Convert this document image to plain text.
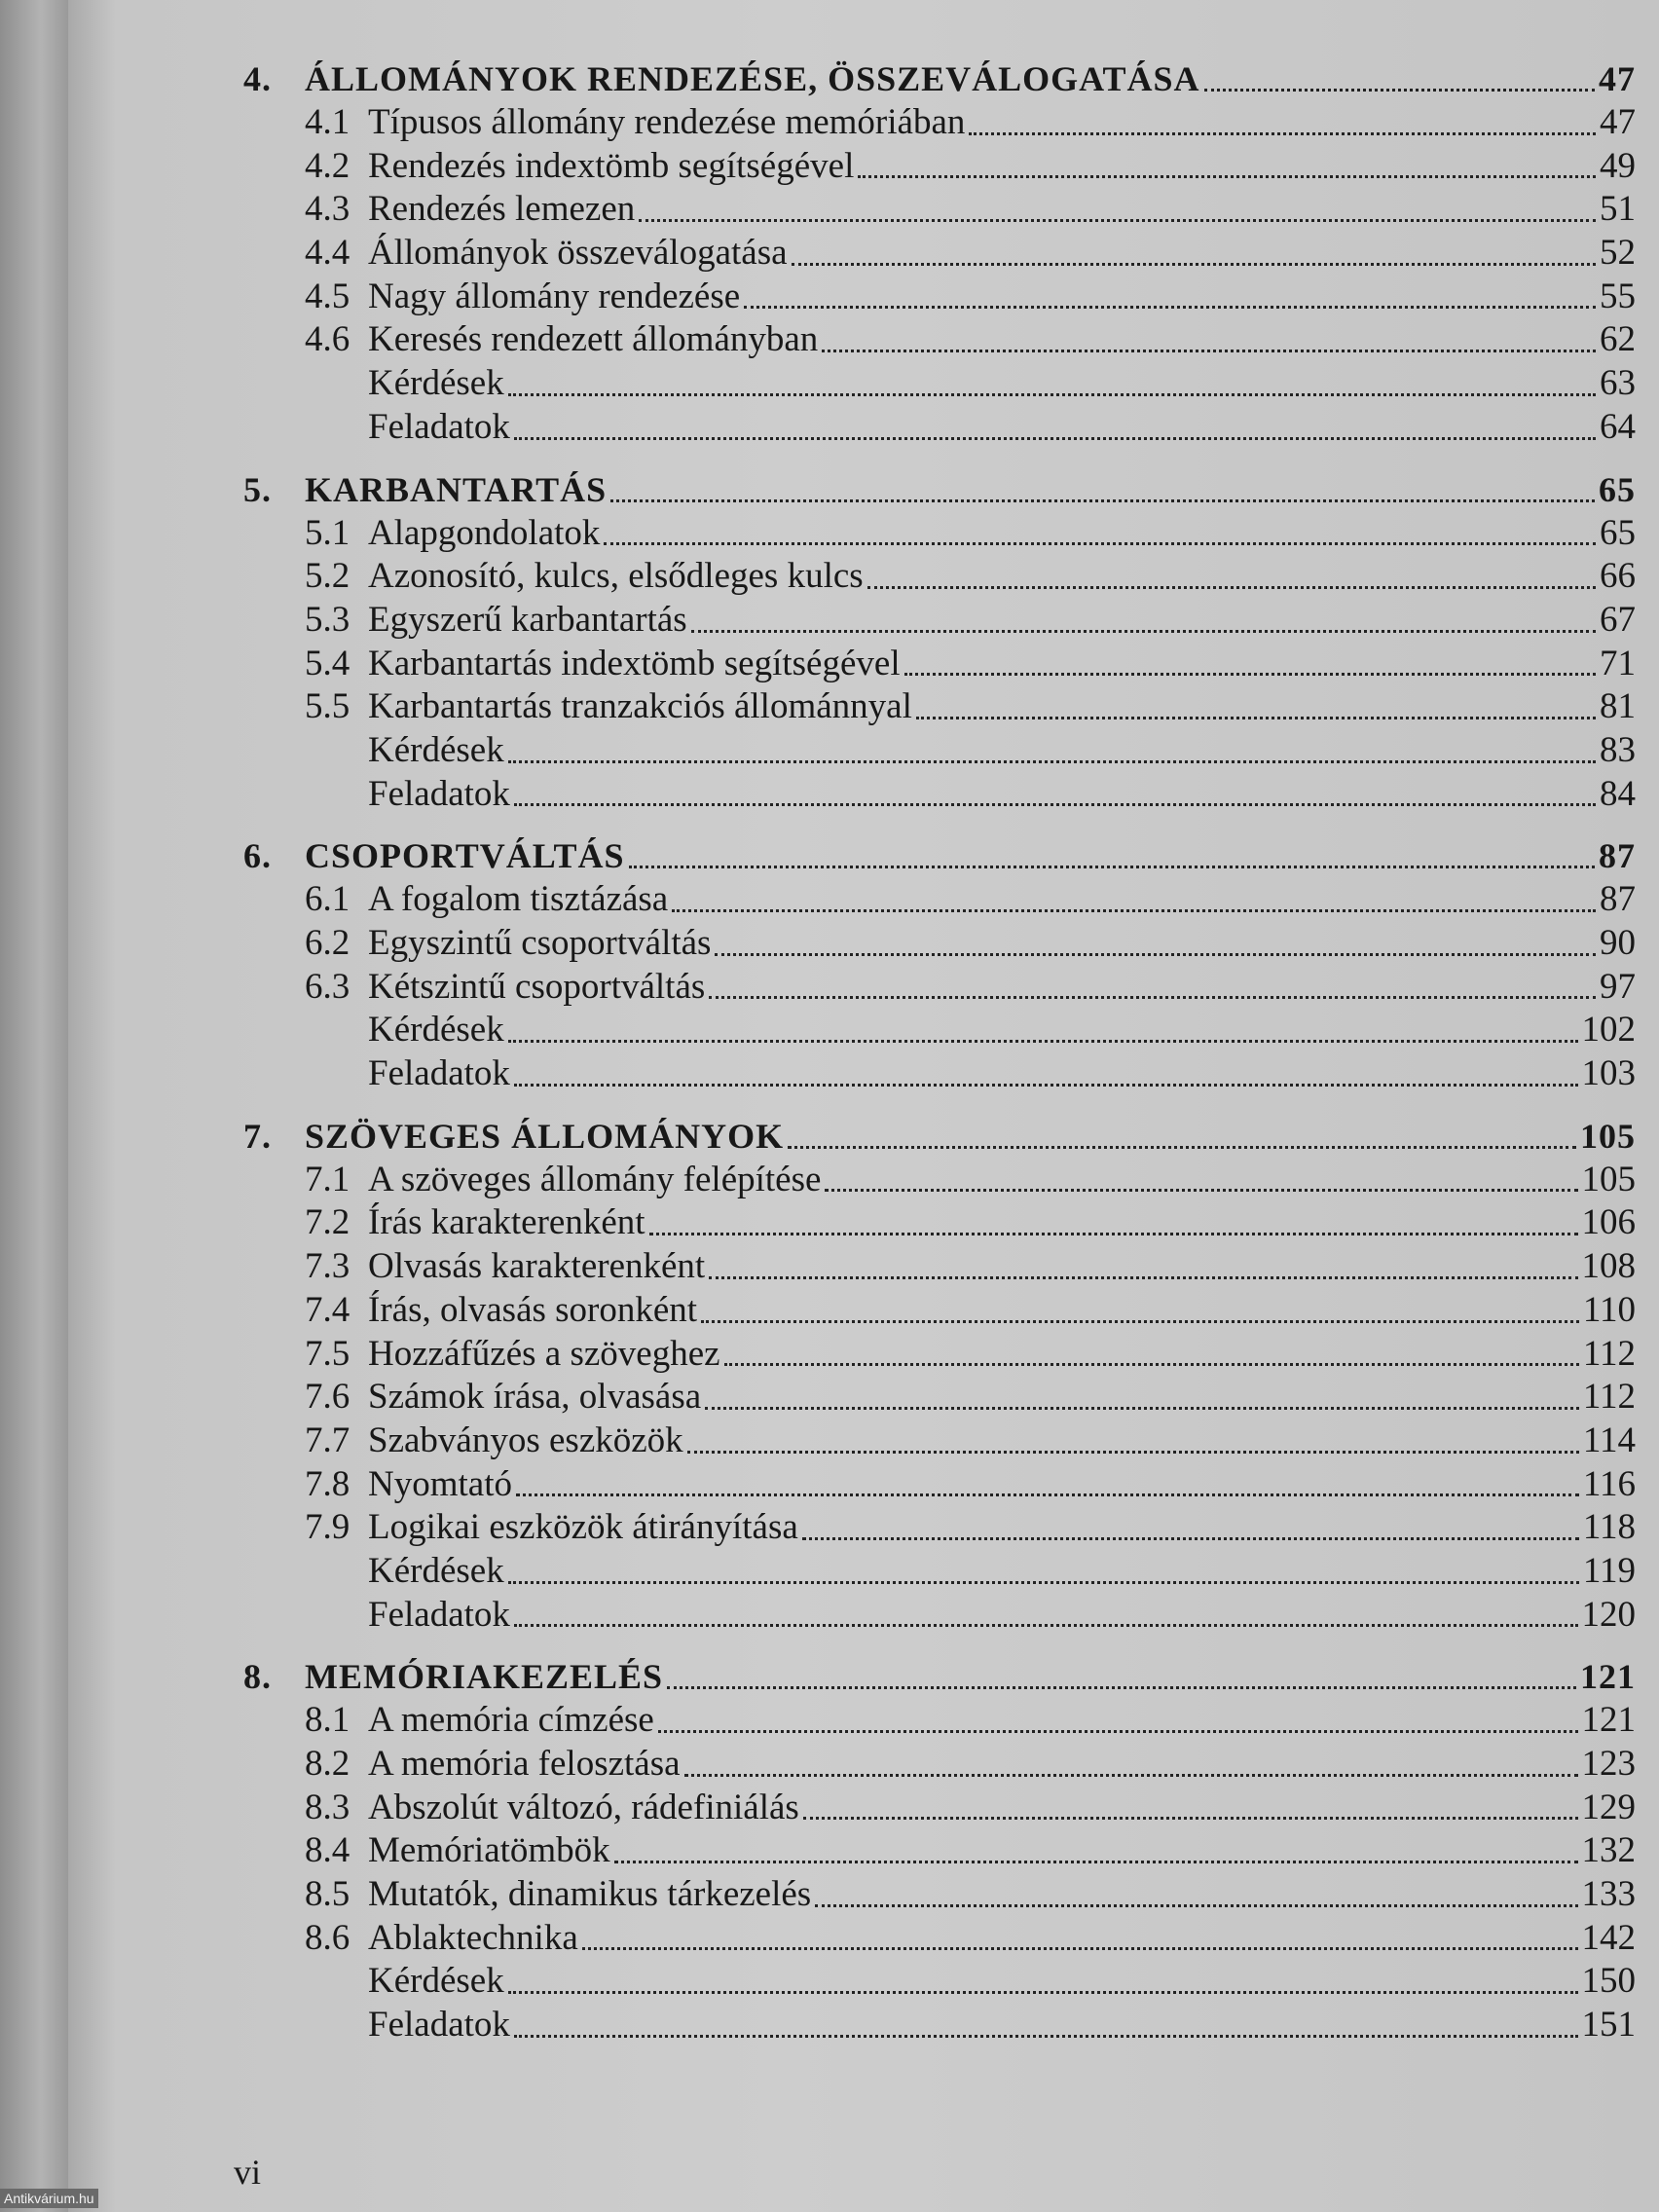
4. ÁLLOMÁNYOK RENDEZÉSE, ÖSSZEVÁLOGATÁSA	47
4.1 Típusos állomány rendezése memóriában	47
4.2 Rendezés indextömb segítségével	49
4.3 Rendezés lemezen	51
4.4 Állományok összeválogatása	52
4.5 Nagy állomány rendezése	55
4.6 Keresés rendezett állományban	62
Kérdések	63
Feladatok	64
5. KARBANTARTÁS	65
5.1 Alapgondolatok	65
5.2 Azonosító, kulcs, elsődleges kulcs	66
5.3 Egyszerű karbantartás	67
5.4 Karbantartás indextömb segítségével	71
5.5 Karbantartás tranzakciós állománnyal	81
Kérdések	83
Feladatok	84
6. CSOPORTVÁLTÁS	87
6.1 A fogalom tisztázása	87
6.2 Egyszintű csoportváltás	90
6.3 Kétszintű csoportváltás	97
Kérdések	102
Feladatok	103
7. SZÖVEGES ÁLLOMÁNYOK	105
7.1 A szöveges állomány felépítése	105
7.2 Írás karakterenként	106
7.3 Olvasás karakterenként	108
7.4 Írás, olvasás soronként	110
7.5 Hozzáfűzés a szöveghez	112
7.6 Számok írása, olvasása	112
7.7 Szabványos eszközök	114
7.8 Nyomtató	116
7.9 Logikai eszközök átirányítása	118
Kérdések	119
Feladatok	120
8. MEMÓRIAKEZELÉS	121
8.1 A memória címzése	121
8.2 A memória felosztása	123
8.3 Abszolút változó, rádefiniálás	129
8.4 Memóriatömbök	132
8.5 Mutatók, dinamikus tárkezelés	133
8.6 Ablaktechnika	142
Kérdések	150
Feladatok	151
vi
Antikvárium.hu
